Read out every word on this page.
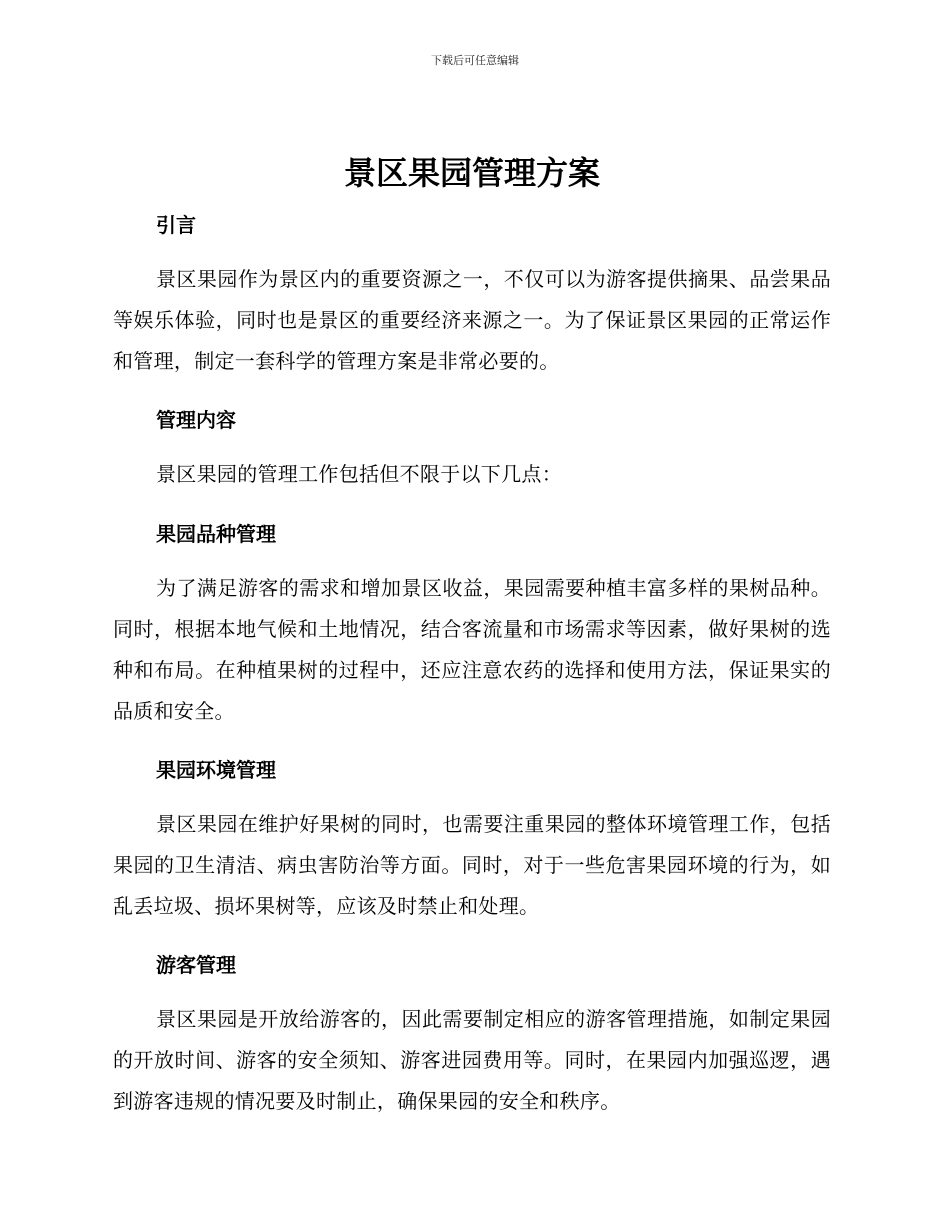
下载后可任意编辑
景区果园管理方案
引言

景区果园作为景区内的重要资源之一，不仅可以为游客提供摘果、品尝果品等娱乐体验，同时也是景区的重要经济来源之一。为了保证景区果园的正常运作和管理，制定一套科学的管理方案是非常必要的。

管理内容

景区果园的管理工作包括但不限于以下几点：

果园品种管理

为了满足游客的需求和增加景区收益，果园需要种植丰富多样的果树品种。同时，根据本地气候和土地情况，结合客流量和市场需求等因素，做好果树的选种和布局。在种植果树的过程中，还应注意农药的选择和使用方法，保证果实的品质和安全。

果园环境管理

景区果园在维护好果树的同时，也需要注重果园的整体环境管理工作，包括果园的卫生清洁、病虫害防治等方面。同时，对于一些危害果园环境的行为，如乱丢垃圾、损坏果树等，应该及时禁止和处理。

游客管理

景区果园是开放给游客的，因此需要制定相应的游客管理措施，如制定果园的开放时间、游客的安全须知、游客进园费用等。同时，在果园内加强巡逻，遇到游客违规的情况要及时制止，确保果园的安全和秩序。
